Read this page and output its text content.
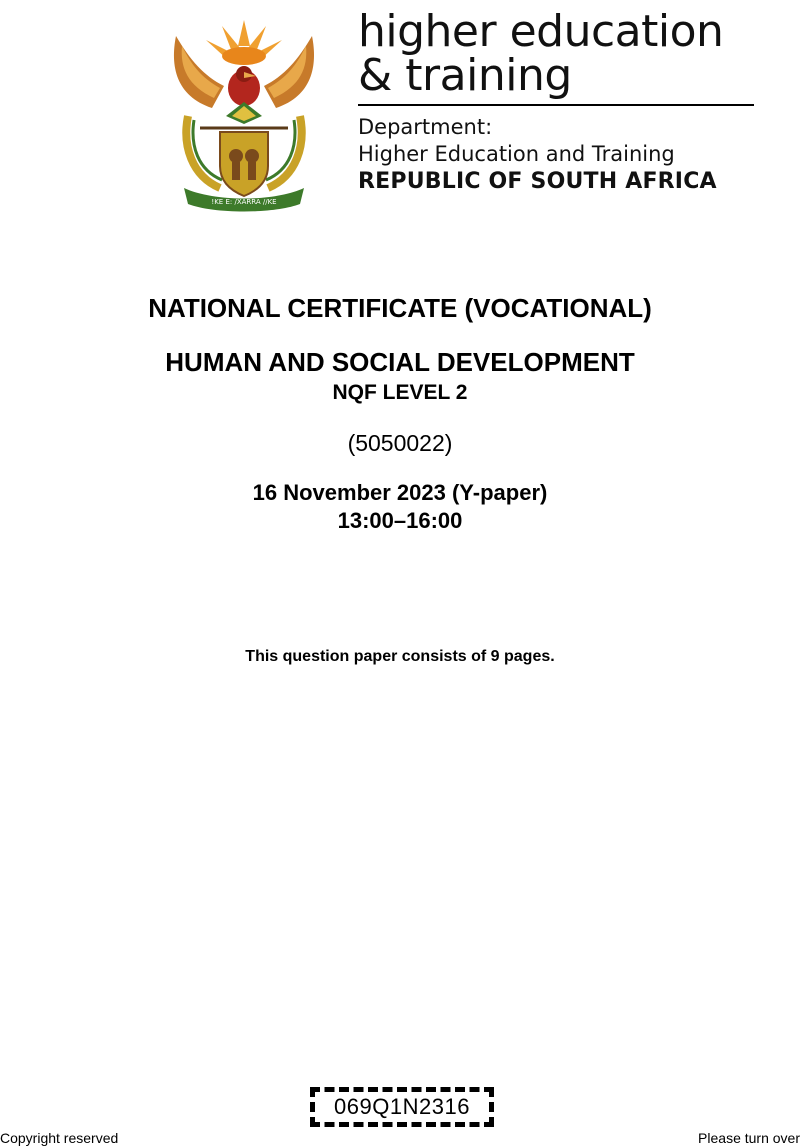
!KE E: /XARRA //KE
higher education
& training
Department:
Higher Education and Training
REPUBLIC OF SOUTH AFRICA
NATIONAL CERTIFICATE (VOCATIONAL)
HUMAN AND SOCIAL DEVELOPMENT
NQF LEVEL 2
(5050022)
16 November 2023 (Y-paper)
13:00–16:00
This question paper consists of 9 pages.
069Q1N2316
Copyright reserved	Please turn over
